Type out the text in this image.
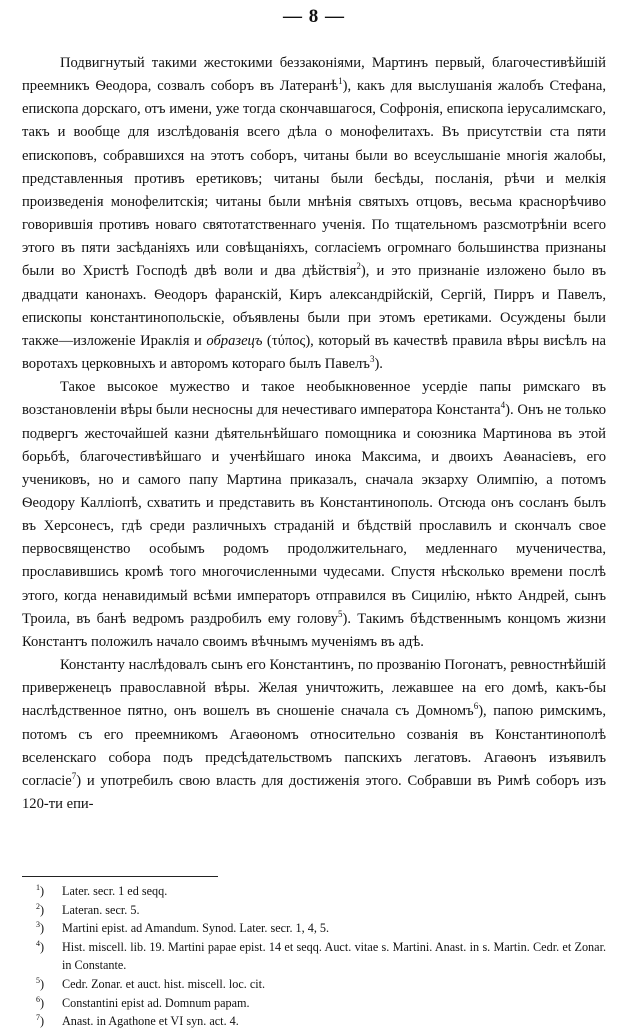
— 8 —

Подвигнутый такими жестокими беззаконіями, Мартинъ первый, благочестивѣйшій преемникъ Ѳеодора, созвалъ соборъ въ Латеранѣ$^1$), какъ для выслушанія жалобъ Стефана, епископа дорскаго, отъ имени, уже тогда скончавшагося, Софронія, епископа іерусалимскаго, такъ и вообще для изслѣдованія всего дѣла о монофелитахъ. Въ присутствіи ста пяти епископовъ, собравшихся на этотъ соборъ, читаны были во всеуслышаніе многія жалобы, представленныя противъ еретиковъ; читаны были бесѣды, посланія, рѣчи и мелкія произведенія монофелитскія; читаны были мнѣнія святыхъ отцовъ, весьма краснорѣчиво говорившія противъ новаго святотатственнаго ученія. По тщательномъ разсмотрѣніи всего этого въ пяти засѣданіяхъ или совѣщаніяхъ, согласіемъ огромнаго большинства признаны были во Христѣ Господѣ двѣ воли и два дѣйствія$^2$), и это признаніе изложено было въ двадцати канонахъ. Ѳеодоръ фаранскій, Киръ александрійскій, Сергій, Пирръ и Павелъ, епископы константинопольскіе, объявлены были при этомъ еретиками. Осуждены были также—изложеніе Ираклія и образецъ (τύπος), который въ качествѣ правила вѣры висѣлъ на воротахъ церковныхъ и авторомъ котораго былъ Павелъ$^3$).

Такое высокое мужество и такое необыкновенное усердіе папы римскаго въ возстановленіи вѣры были несносны для нечестиваго императора Константа$^4$). Онъ не только подвергъ жесточайшей казни дѣятельнѣйшаго помощника и союзника Мартинова въ этой борьбѣ, благочестивѣйшаго и ученѣйшаго инока Максима, и двоихъ Аѳанасіевъ, его учениковъ, но и самого папу Мартина приказалъ, сначала экзарху Олимпію, а потомъ Ѳеодору Калліопѣ, схватить и представить въ Константинополь. Отсюда онъ сосланъ былъ въ Херсонесъ, гдѣ среди различныхъ страданій и бѣдствій прославилъ и скончалъ свое первосвященство особымъ родомъ продолжительнаго, медленнаго мученичества, прославившись кромѣ того многочисленными чудесами. Спустя нѣсколько времени послѣ этого, когда ненавидимый всѣми императоръ отправился въ Сицилію, нѣкто Андрей, сынъ Троила, въ банѣ ведромъ раздробилъ ему голову$^5$). Такимъ бѣдственнымъ концомъ жизни Константъ положилъ начало своимъ вѣчнымъ мученіямъ въ адѣ.

Константу наслѣдовалъ сынъ его Константинъ, по прозванію Погонатъ, ревностнѣйшій приверженецъ православной вѣры. Желая уничтожить, лежавшее на его домѣ, какъ-бы наслѣдственное пятно, онъ вошелъ въ сношеніе сначала съ Домномъ$^6$), папою римскимъ, потомъ съ его преемникомъ Агаѳономъ относительно созванія въ Константинополѣ вселенскаго собора подъ предсѣдательствомъ папскихъ легатовъ. Агаѳонъ изъявилъ согласіе$^7$) и употребилъ свою власть для достиженія этого. Собравши въ Римѣ соборъ изъ 120-ти епи-

$^1$) Later. secr. 1 ed seqq.

$^2$) Lateran. secr. 5.

$^3$) Martini epist. ad Amandum. Synod. Later. secr. 1, 4, 5.

$^4$) Hist. miscell. lib. 19. Martini papae epist. 14 et seqq. Auct. vitae s. Martini. Anast. in s. Martin. Cedr. et Zonar. in Constante.

$^5$) Cedr. Zonar. et auct. hist. miscell. loc. cit.

$^6$) Constantini epist ad. Domnum papam.

$^7$) Anast. in Agathone et VI syn. act. 4.
